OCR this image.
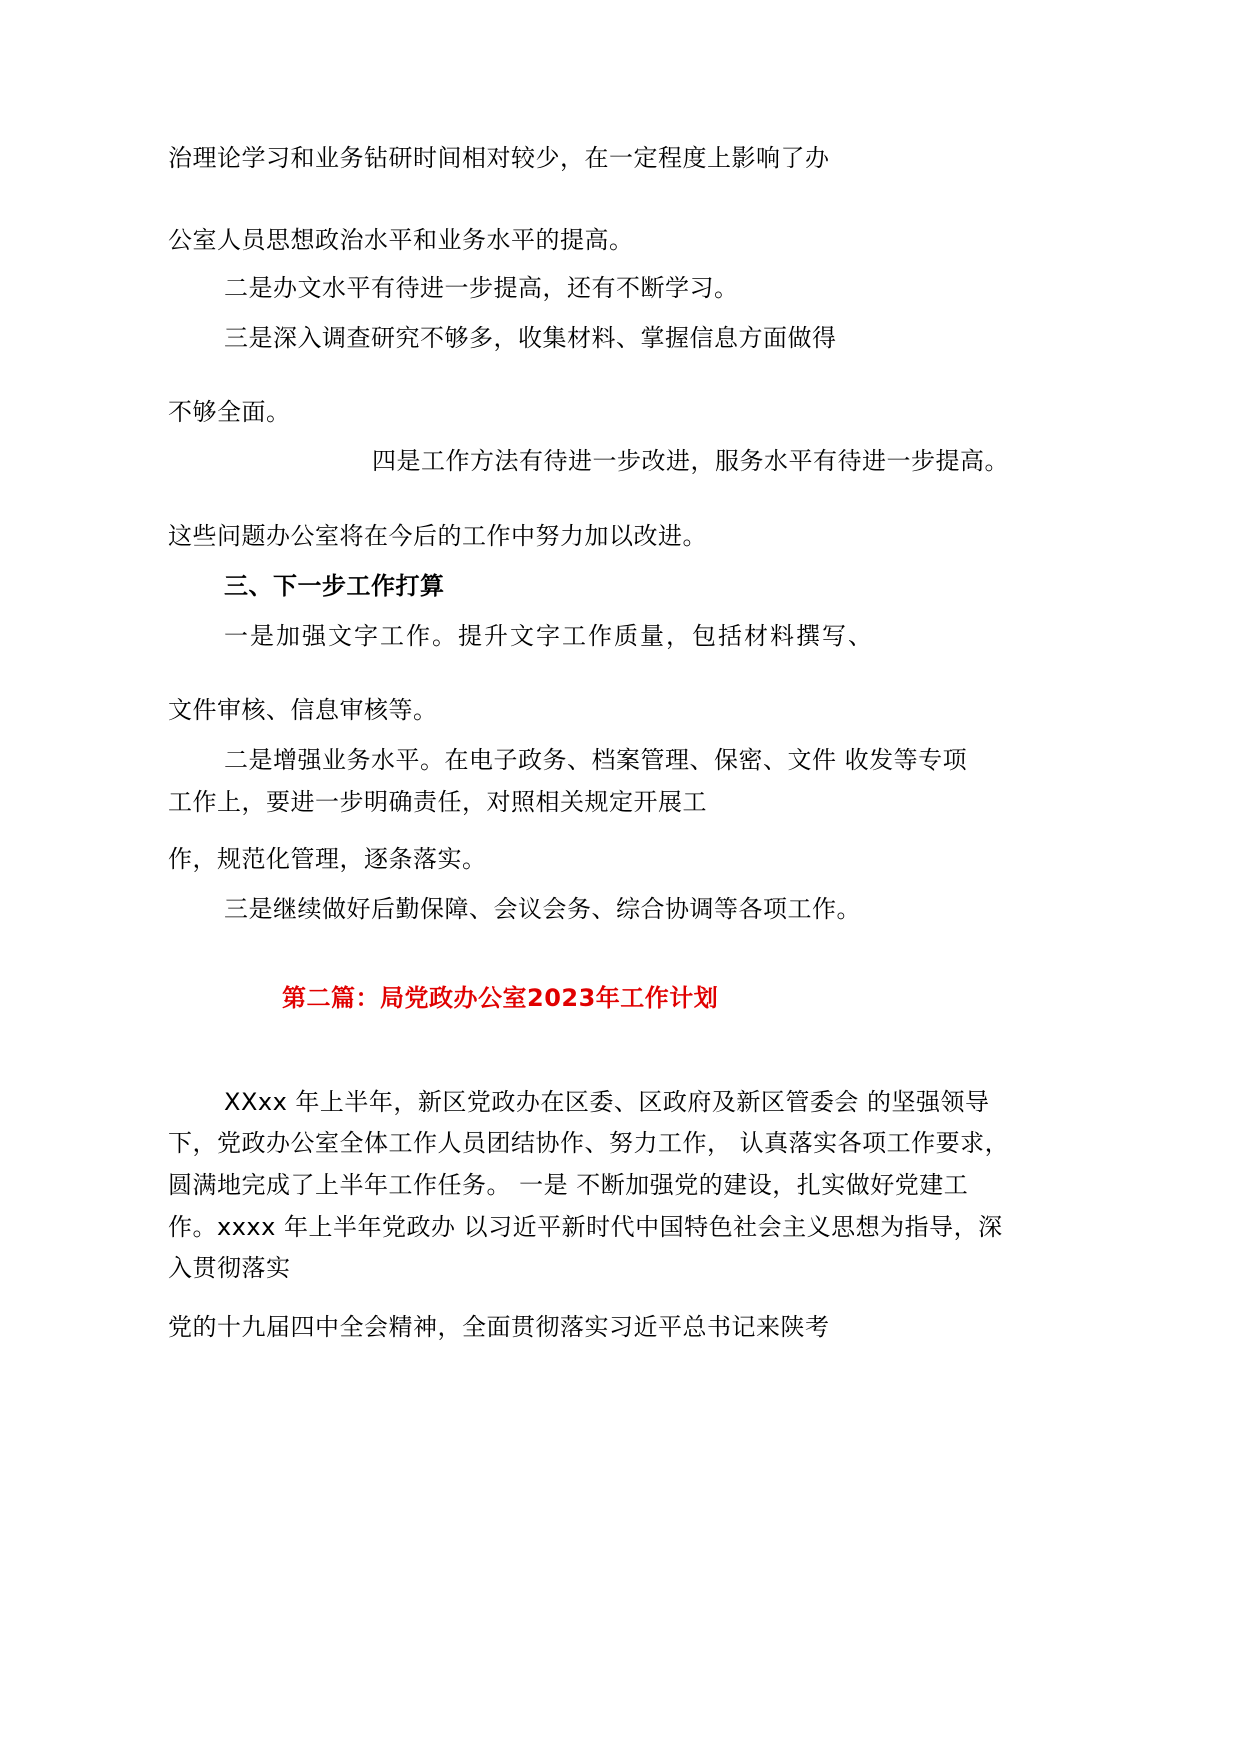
治理论学习和业务钻研时间相对较少，在一定程度上影响了办
公室人员思想政治水平和业务水平的提高。
二是办文水平有待进一步提高，还有不断学习。
三是深入调查研究不够多，收集材料、掌握信息方面做得
不够全面。
四是工作方法有待进一步改进，服务水平有待进一步提高。
这些问题办公室将在今后的工作中努力加以改进。
三、下一步工作打算
一是加强文字工作。提升文字工作质量，包括材料撰写、
文件审核、信息审核等。
二是增强业务水平。在电子政务、档案管理、保密、文件 收发等专项
工作上，要进一步明确责任，对照相关规定开展工
作，规范化管理，逐条落实。
三是继续做好后勤保障、会议会务、综合协调等各项工作。
第二篇：局党政办公室2023年工作计划
XXxx 年上半年，新区党政办在区委、区政府及新区管委会 的坚强领导
下，党政办公室全体工作人员团结协作、努力工作， 认真落实各项工作要求，
圆满地完成了上半年工作任务。 一是 不断加强党的建设，扎实做好党建工
作。xxxx 年上半年党政办 以习近平新时代中国特色社会主义思想为指导，深
入贯彻落实
党的十九届四中全会精神，全面贯彻落实习近平总书记来陕考
